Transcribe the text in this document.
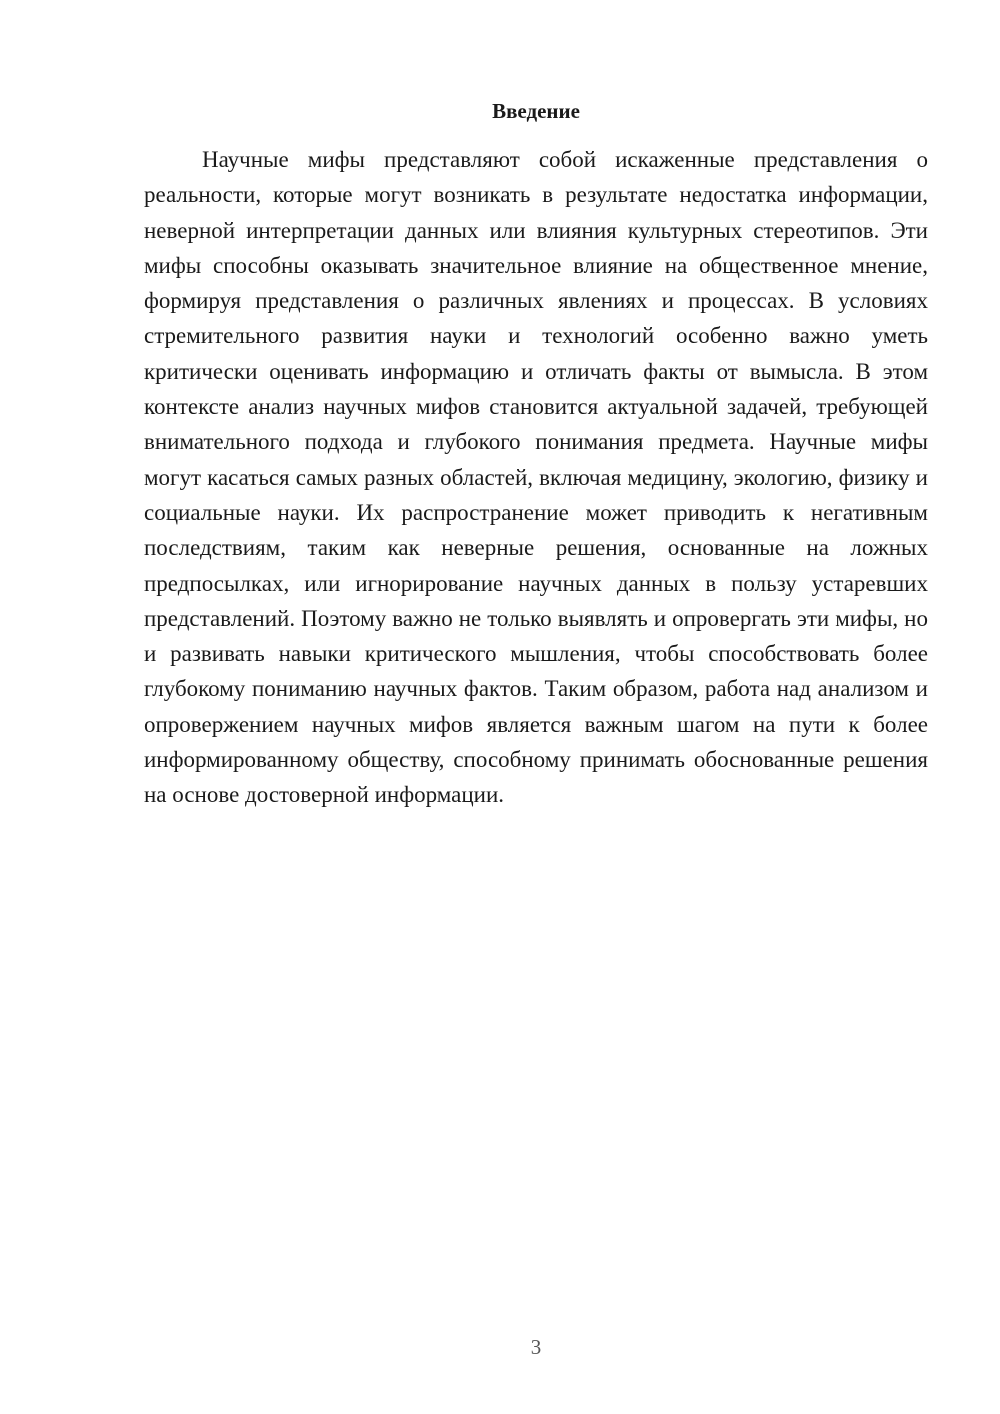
Введение

Научные мифы представляют собой искаженные представления о реальности, которые могут возникать в результате недостатка информации, неверной интерпретации данных или влияния культурных стереотипов. Эти мифы способны оказывать значительное влияние на общественное мнение, формируя представления о различных явлениях и процессах. В условиях стремительного развития науки и технологий особенно важно уметь критически оценивать информацию и отличать факты от вымысла. В этом контексте анализ научных мифов становится актуальной задачей, требующей внимательного подхода и глубокого понимания предмета. Научные мифы могут касаться самых разных областей, включая медицину, экологию, физику и социальные науки. Их распространение может приводить к негативным последствиям, таким как неверные решения, основанные на ложных предпосылках, или игнорирование научных данных в пользу устаревших представлений. Поэтому важно не только выявлять и опровергать эти мифы, но и развивать навыки критического мышления, чтобы способствовать более глубокому пониманию научных фактов. Таким образом, работа над анализом и опровержением научных мифов является важным шагом на пути к более информированному обществу, способному принимать обоснованные решения на основе достоверной информации.

3
